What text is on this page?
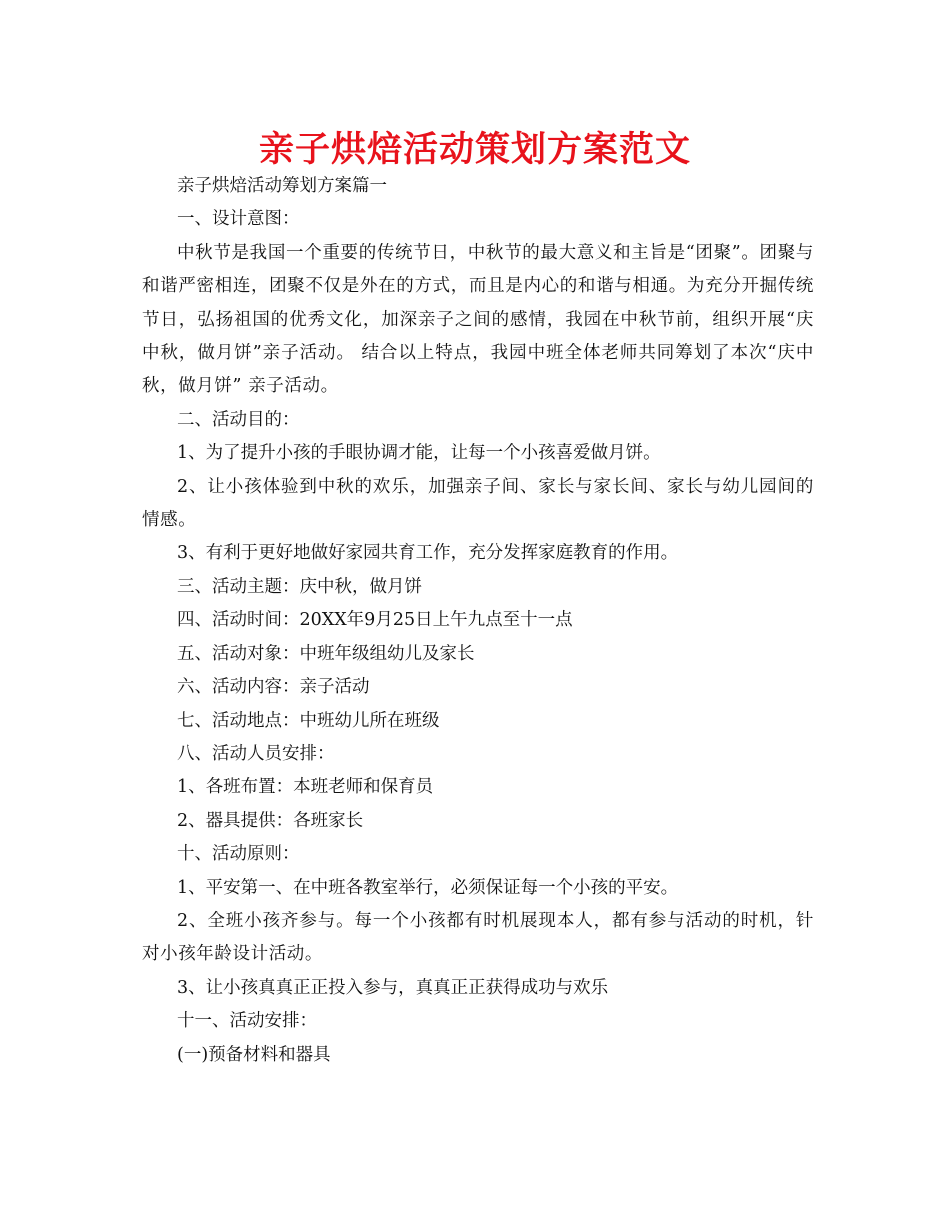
亲子烘焙活动策划方案范文

亲子烘焙活动筹划方案篇一

一、设计意图：

中秋节是我国一个重要的传统节日，中秋节的最大意义和主旨是“团聚”。团聚与和谐严密相连，团聚不仅是外在的方式，而且是内心的和谐与相通。为充分开掘传统节日，弘扬祖国的优秀文化，加深亲子之间的感情，我园在中秋节前，组织开展“庆中秋，做月饼”亲子活动。 结合以上特点，我园中班全体老师共同筹划了本次“庆中秋，做月饼” 亲子活动。

二、活动目的：

1、为了提升小孩的手眼协调才能，让每一个小孩喜爱做月饼。

2、让小孩体验到中秋的欢乐，加强亲子间、家长与家长间、家长与幼儿园间的情感。

3、有利于更好地做好家园共育工作，充分发挥家庭教育的作用。

三、活动主题：庆中秋，做月饼

四、活动时间：20XX年9月25日上午九点至十一点

五、活动对象：中班年级组幼儿及家长

六、活动内容：亲子活动

七、活动地点：中班幼儿所在班级

八、活动人员安排：

1、各班布置：本班老师和保育员

2、器具提供：各班家长

十、活动原则：

1、平安第一、在中班各教室举行，必须保证每一个小孩的平安。

2、全班小孩齐参与。每一个小孩都有时机展现本人，都有参与活动的时机，针对小孩年龄设计活动。

3、让小孩真真正正投入参与，真真正正获得成功与欢乐

十一、活动安排：

(一)预备材料和器具
